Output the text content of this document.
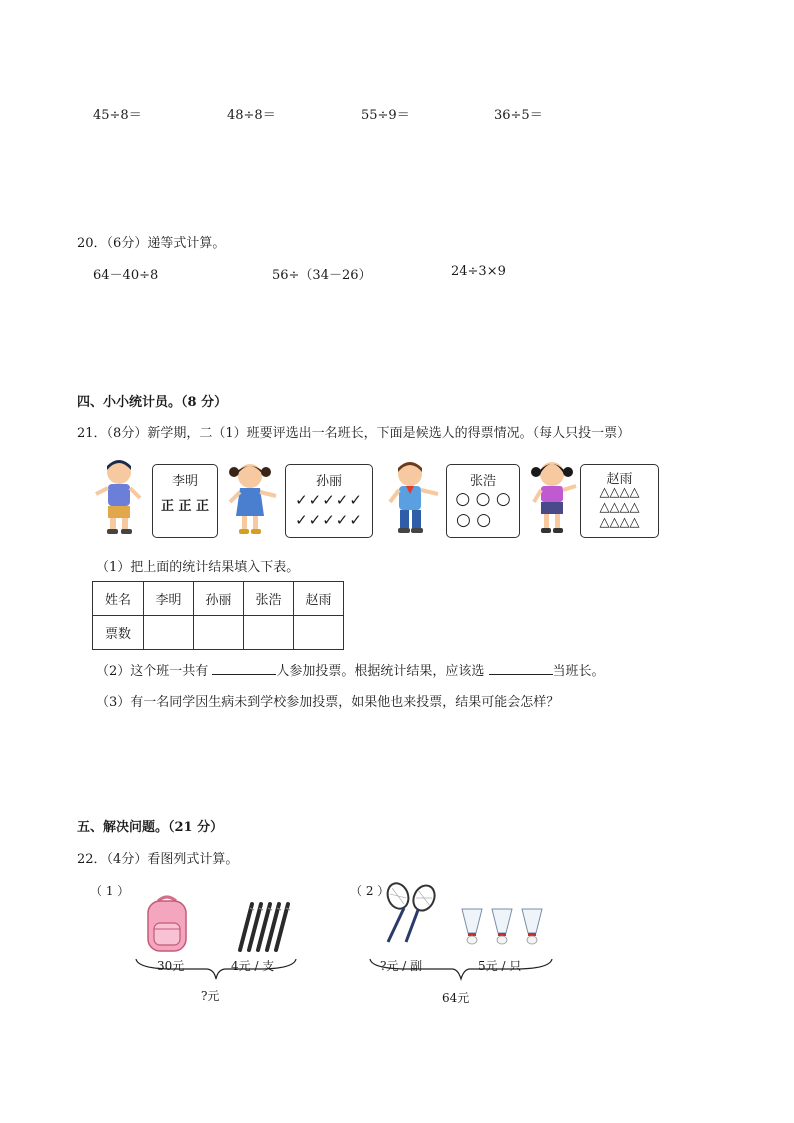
45÷8＝	48÷8＝	55÷9＝	36÷5＝
20．（6分）递等式计算。
64－40÷8	56÷（34－26）	24÷3×9
四、小小统计员。（8 分）
21．（8分）新学期，二（1）班要评选出一名班长，下面是候选人的得票情况。（每人只投一票）
李明
正 正 正
孙丽
✓✓✓✓✓
✓✓✓✓✓
张浩
○ ○ ○
○ ○
赵雨
△△△△
△△△△
△△△△
（1）把上面的统计结果填入下表。
姓名	李明	孙丽	张浩	赵雨
票数				
（2）这个班一共有	人参加投票。根据统计结果，应该选	当班长。
（3）有一名同学因生病未到学校参加投票，如果他也来投票，结果可能会怎样？
五、解决问题。（21 分）
22．（4分）看图列式计算。
（ 1 ）
30元	4元 / 支
?元
（ 2 ）
?元 / 副	5元 / 只
64元
